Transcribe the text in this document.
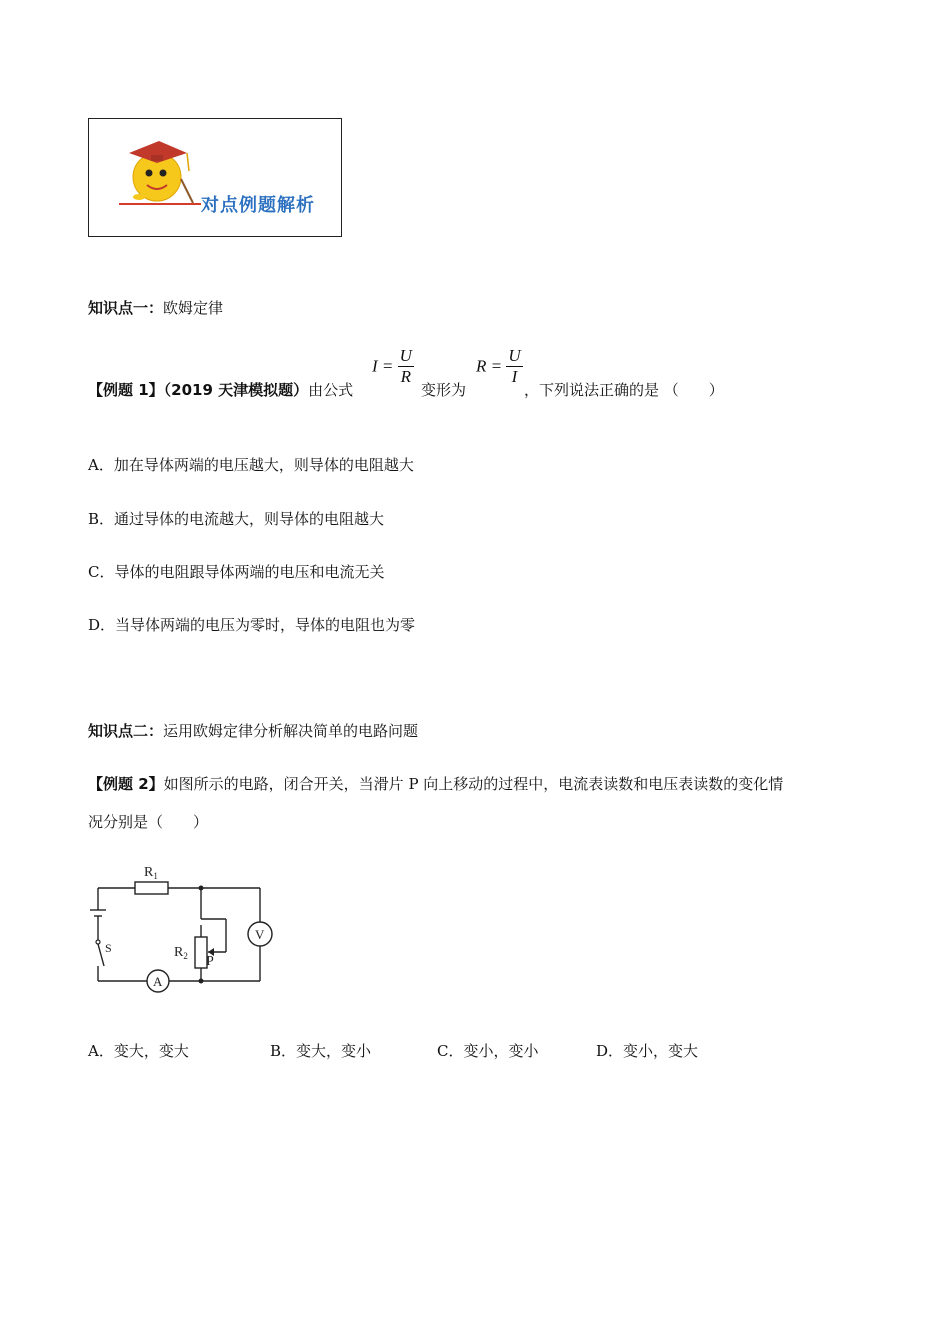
对点例题解析
知识点一：欧姆定律
【例题 1】（2019 天津模拟题）由公式
$I = \frac{U}{R}$
变形为
$R = \frac{U}{I}$
，下列说法正确的是 （　　）
A．加在导体两端的电压越大，则导体的电阻越大
B．通过导体的电流越大，则导体的电阻越大
C．导体的电阻跟导体两端的电压和电流无关
D．当导体两端的电压为零时，导体的电阻也为零
知识点二：运用欧姆定律分析解决简单的电路问题
【例题 2】如图所示的电路，闭合开关，当滑片 P 向上移动的过程中，电流表读数和电压表读数的变化情
况分别是（　　）
$R_1$
$R_2$ P
S
V
A
A．变大，变大	B．变大，变小	C．变小，变小	D．变小，变大
